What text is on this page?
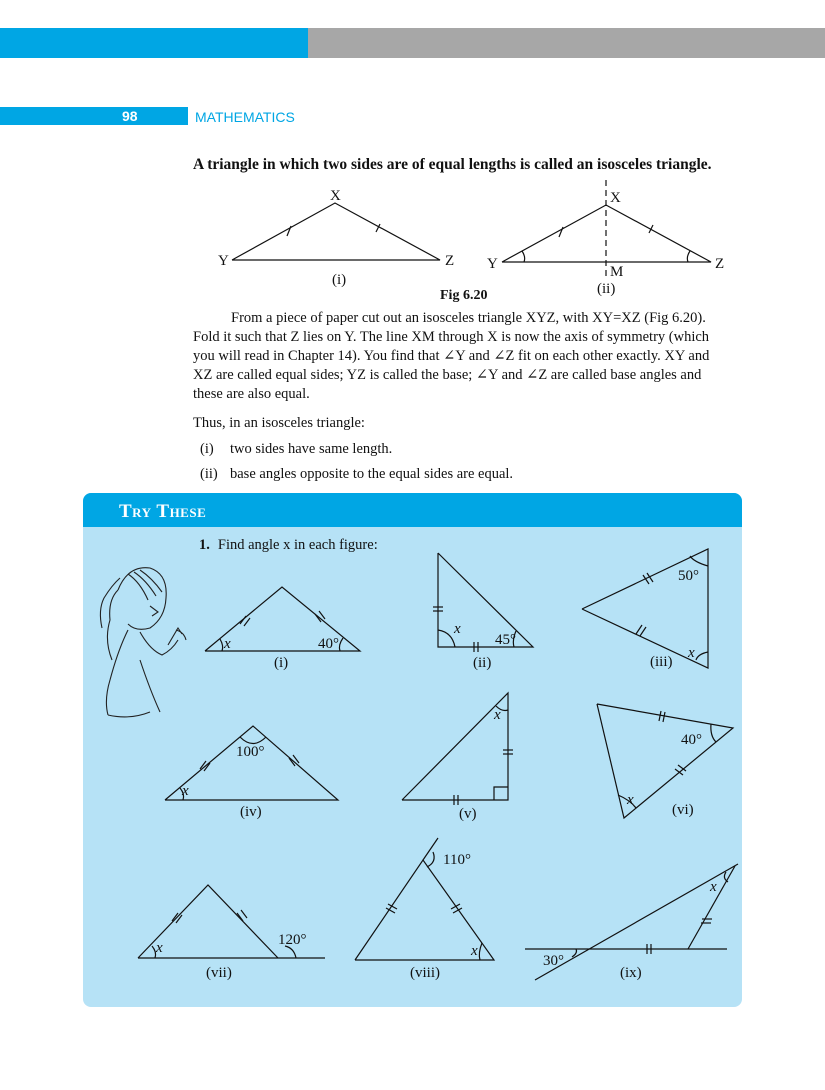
98	MATHEMATICS
A triangle in which two sides are of equal lengths is called an isosceles triangle.
X
Y	Z
(i)
X
Y	Z
M
(ii)
Fig 6.20

From a piece of paper cut out an isosceles triangle XYZ, with XY=XZ (Fig 6.20).

Fold it such that Z lies on Y. The line XM through X is now the axis of symmetry (which

you will read in Chapter 14). You find that ∠Y and ∠Z fit on each other exactly. XY and

XZ are called equal sides; YZ is called the base; ∠Y and ∠Z are called base angles and

these are also equal.

Thus, in an isosceles triangle:
(i)	two sides have same length.
(ii) base angles opposite to the equal sides are equal.
Try These
1. Find angle x in each figure:
x	40°
(i)
x
45°
(ii)
50°
x
(iii)
100°
x
(iv)
x
(v)
40°
x
(vi)
x	120°
(vii)
110°
x
(viii)
30°
x
(ix)
